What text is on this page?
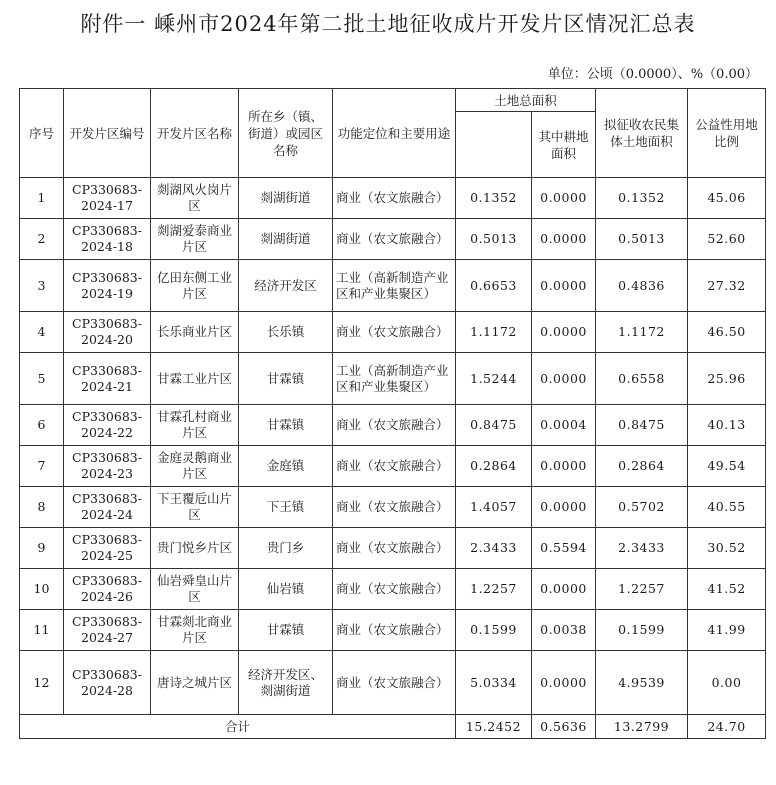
附件一 嵊州市2024年第二批土地征收成片开发片区情况汇总表
单位：公顷（0.0000）、%（0.00）
序号	开发片区编号	开发片区名称	所在乡（镇、街道）或园区名称	功能定位和主要用途	土地总面积		拟征收农民集体土地面积	公益性用地比例
						其中耕地面积		
1	CP330683-2024-17	剡湖风火岗片区	剡湖街道	商业（农文旅融合）	0.1352	0.0000	0.1352	45.06
2	CP330683-2024-18	剡湖爱泰商业片区	剡湖街道	商业（农文旅融合）	0.5013	0.0000	0.5013	52.60
3	CP330683-2024-19	亿田东侧工业片区	经济开发区	工业（高新制造产业区和产业集聚区）	0.6653	0.0000	0.4836	27.32
4	CP330683-2024-20	长乐商业片区	长乐镇	商业（农文旅融合）	1.1172	0.0000	1.1172	46.50
5	CP330683-2024-21	甘霖工业片区	甘霖镇	工业（高新制造产业区和产业集聚区）	1.5244	0.0000	0.6558	25.96
6	CP330683-2024-22	甘霖孔村商业片区	甘霖镇	商业（农文旅融合）	0.8475	0.0004	0.8475	40.13
7	CP330683-2024-23	金庭灵鹅商业片区	金庭镇	商业（农文旅融合）	0.2864	0.0000	0.2864	49.54
8	CP330683-2024-24	下王覆卮山片区	下王镇	商业（农文旅融合）	1.4057	0.0000	0.5702	40.55
9	CP330683-2024-25	贵门悦乡片区	贵门乡	商业（农文旅融合）	2.3433	0.5594	2.3433	30.52
10	CP330683-2024-26	仙岩舜皇山片区	仙岩镇	商业（农文旅融合）	1.2257	0.0000	1.2257	41.52
11	CP330683-2024-27	甘霖剡北商业片区	甘霖镇	商业（农文旅融合）	0.1599	0.0038	0.1599	41.99
12	CP330683-2024-28	唐诗之城片区	经济开发区、剡湖街道	商业（农文旅融合）	5.0334	0.0000	4.9539	0.00
合计					15.2452	0.5636	13.2799	24.70
